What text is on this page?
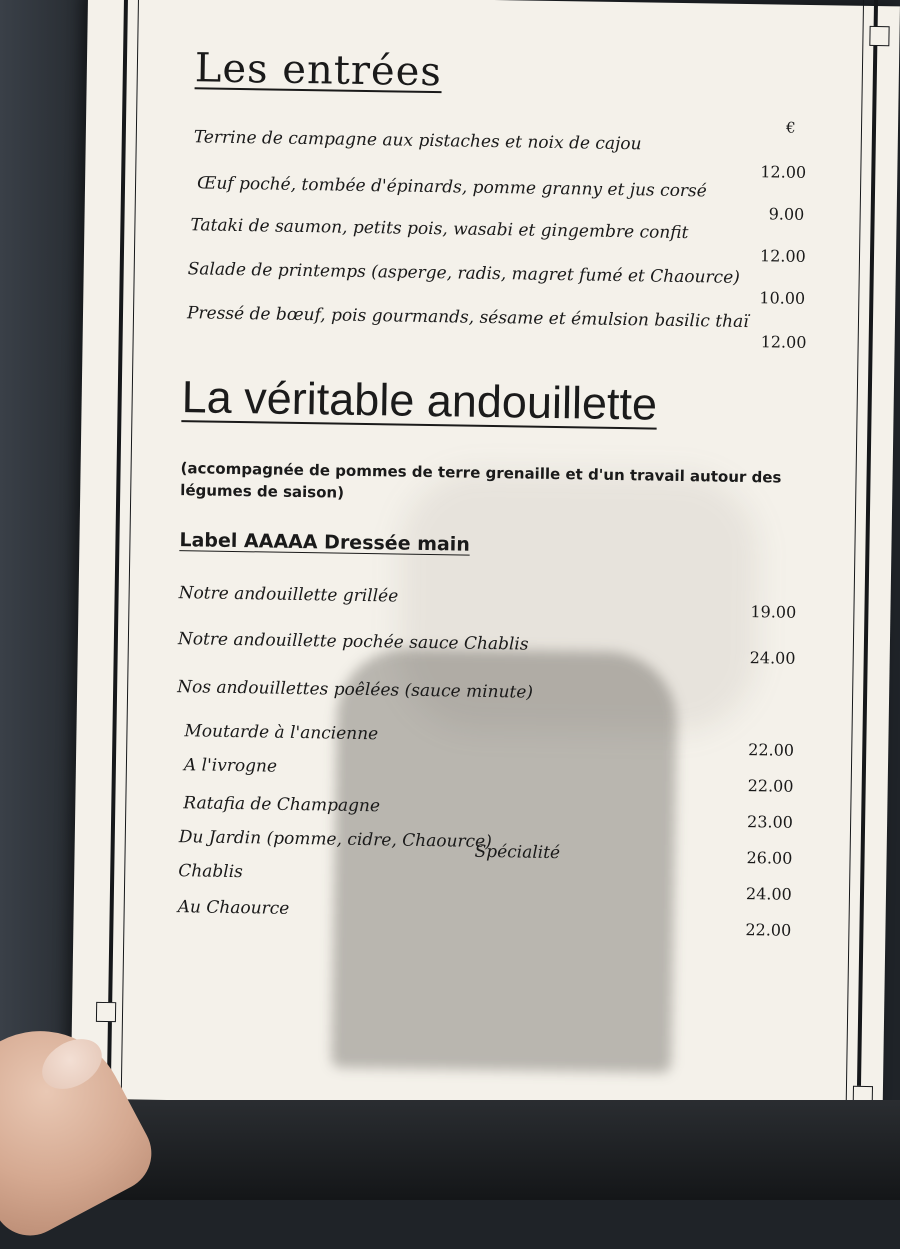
Les entrées
€
Terrine de campagne aux pistaches et noix de cajou
12.00
Œuf poché, tombée d'épinards, pomme granny et jus corsé
9.00
Tataki de saumon, petits pois, wasabi et gingembre confit
12.00
Salade de printemps (asperge, radis, magret fumé et Chaource)
10.00
Pressé de bœuf, pois gourmands, sésame et émulsion basilic thaï
12.00
La véritable andouillette
(accompagnée de pommes de terre grenaille et d'un travail autour des légumes de saison)
Label AAAAA Dressée main
Notre andouillette grillée
19.00
Notre andouillette pochée sauce Chablis
24.00
Nos andouillettes poêlées (sauce minute)
Moutarde à l'ancienne
22.00
A l'ivrogne
22.00
Ratafia de Champagne
23.00
Du Jardin (pomme, cidre, Chaource)
Spécialité	26.00
Chablis
24.00
Au Chaource
22.00
